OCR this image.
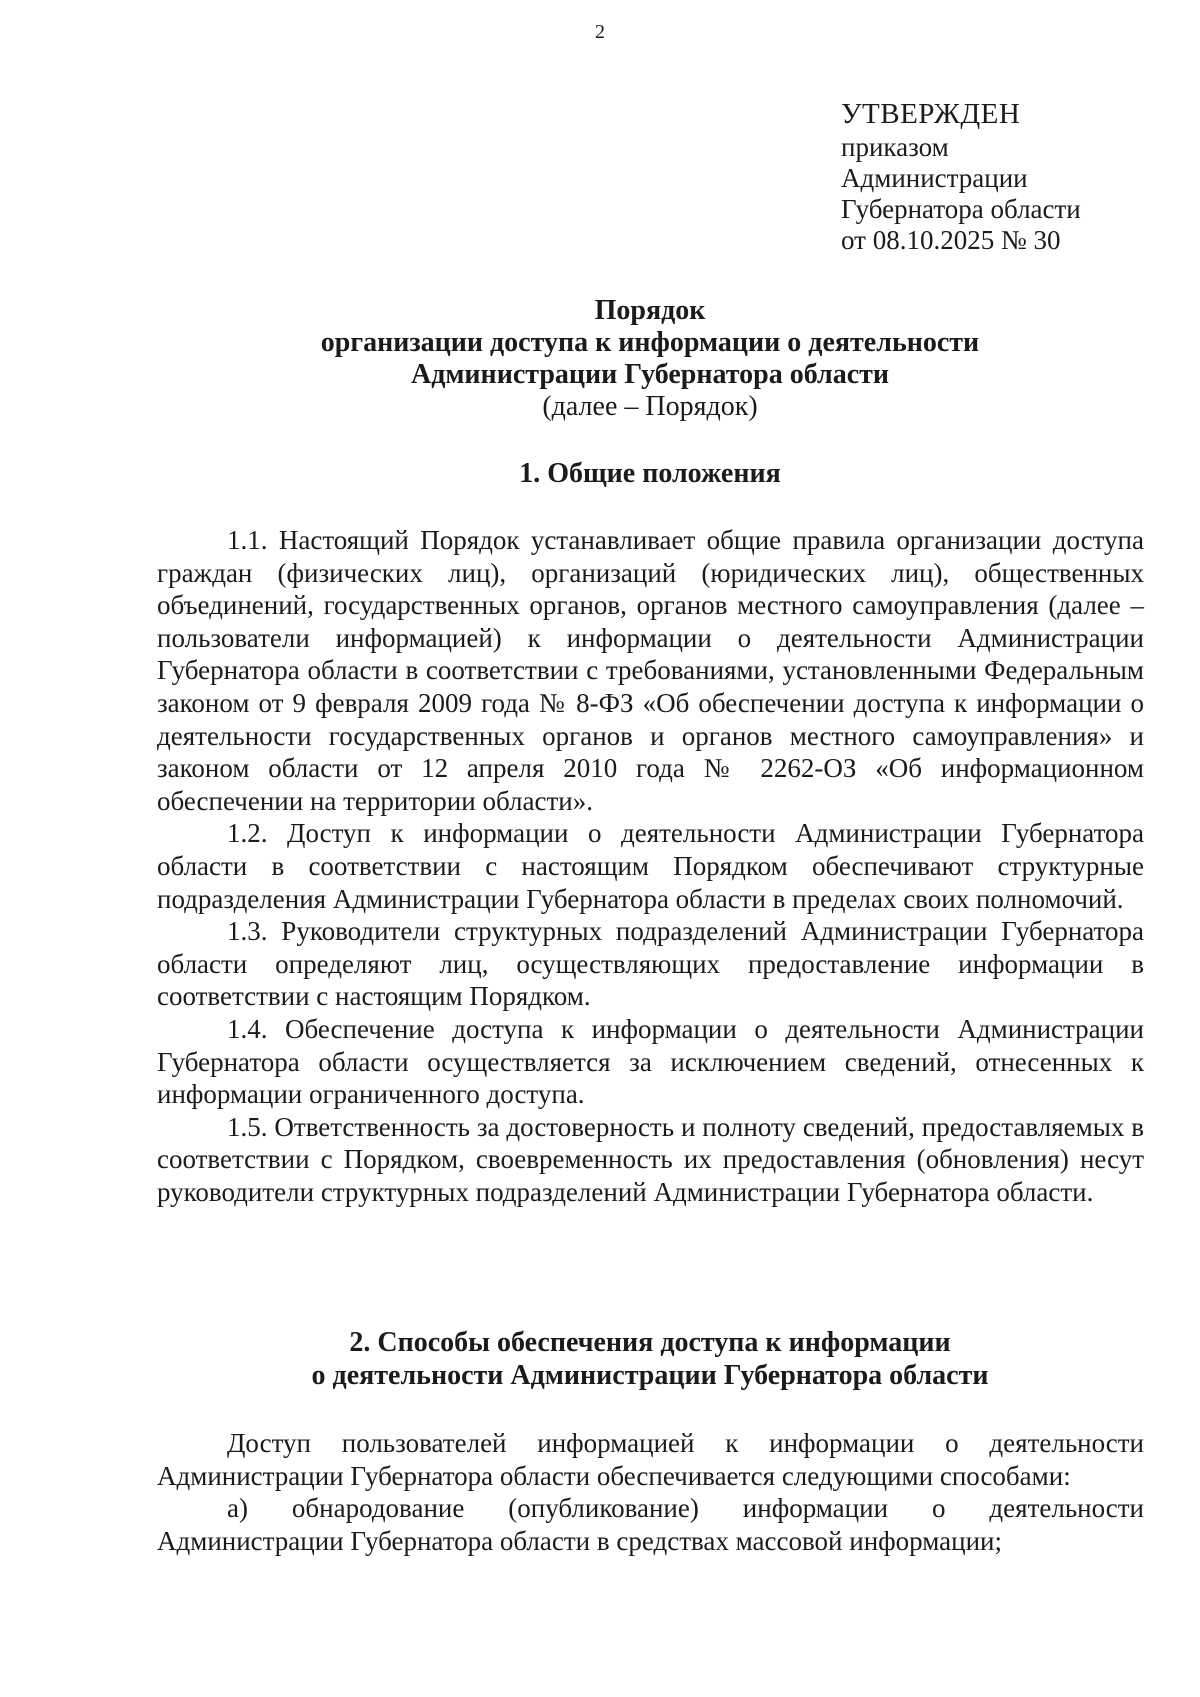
2
УТВЕРЖДЕН
приказом
Администрации
Губернатора области
от 08.10.2025 № 30
Порядок
организации доступа к информации о деятельности
Администрации Губернатора области
(далее – Порядок)
1. Общие положения

1.1. Настоящий Порядок устанавливает общие правила организации доступа граждан (физических лиц), организаций (юридических лиц), общественных объединений, государственных органов, органов местного самоуправления (далее – пользователи информацией) к информации о деятельности Администрации Губернатора области в соответствии с требованиями, установленными Федеральным законом от 9 февраля 2009 года № 8-ФЗ «Об обеспечении доступа к информации о деятельности государственных органов и органов местного самоуправления» и законом области от 12 апреля 2010 года № 2262-ОЗ «Об информационном обеспечении на территории области».

1.2. Доступ к информации о деятельности Администрации Губернатора области в соответствии с настоящим Порядком обеспечивают структурные подразделения Администрации Губернатора области в пределах своих полномочий.

1.3. Руководители структурных подразделений Администрации Губернатора области определяют лиц, осуществляющих предоставление информации в соответствии с настоящим Порядком.

1.4. Обеспечение доступа к информации о деятельности Администрации Губернатора области осуществляется за исключением сведений, отнесенных к информации ограниченного доступа.

1.5. Ответственность за достоверность и полноту сведений, предоставляемых в соответствии с Порядком, своевременность их предоставления (обновления) несут руководители структурных подразделений Администрации Губернатора области.

2. Способы обеспечения доступа к информации
о деятельности Администрации Губернатора области

Доступ пользователей информацией к информации о деятельности Администрации Губернатора области обеспечивается следующими способами:

а) обнародование (опубликование) информации о деятельности Администрации Губернатора области в средствах массовой информации;
